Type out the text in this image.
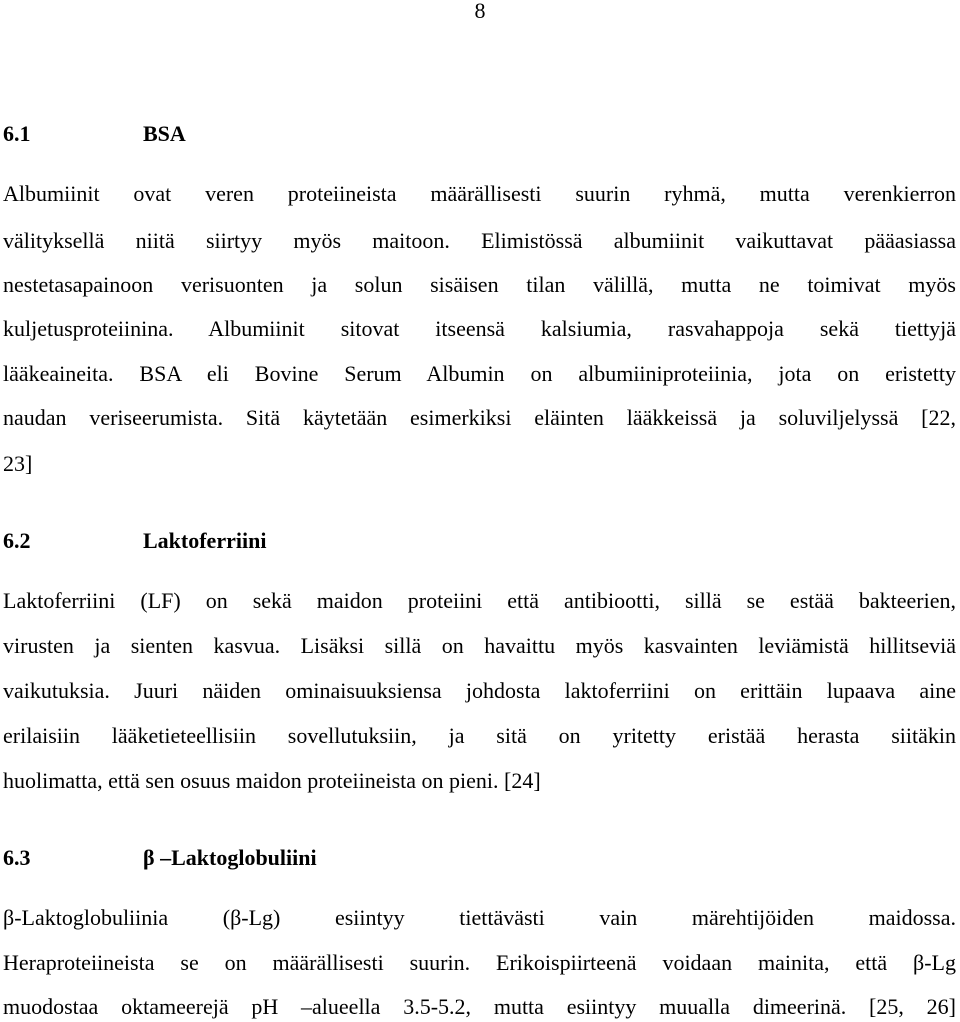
8
6.1	BSA
Albumiinit ovat veren proteiineista määrällisesti suurin ryhmä, mutta verenkierron
välityksellä niitä siirtyy myös maitoon. Elimistössä albumiinit vaikuttavat pääasiassa
nestetasapainoon verisuonten ja solun sisäisen tilan välillä, mutta ne toimivat myös
kuljetusproteiinina. Albumiinit sitovat itseensä kalsiumia, rasvahappoja sekä tiettyjä
lääkeaineita. BSA eli Bovine Serum Albumin on albumiiniproteiinia, jota on eristetty
naudan veriseerumista. Sitä käytetään esimerkiksi eläinten lääkkeissä ja soluviljelyssä [22,
23]
6.2	Laktoferriini
Laktoferriini (LF) on sekä maidon proteiini että antibiootti, sillä se estää bakteerien,
virusten ja sienten kasvua. Lisäksi sillä on havaittu myös kasvainten leviämistä hillitseviä
vaikutuksia. Juuri näiden ominaisuuksiensa johdosta laktoferriini on erittäin lupaava aine
erilaisiin lääketieteellisiin sovellutuksiin, ja sitä on yritetty eristää herasta siitäkin
huolimatta, että sen osuus maidon proteiineista on pieni. [24]
6.3	β –Laktoglobuliini
β-Laktoglobuliinia (β-Lg) esiintyy tiettävästi vain märehtijöiden maidossa.
Heraproteiineista se on määrällisesti suurin. Erikoispiirteenä voidaan mainita, että β-Lg
muodostaa oktameerejä pH –alueella 3.5-5.2, mutta esiintyy muualla dimeerinä. [25, 26]
